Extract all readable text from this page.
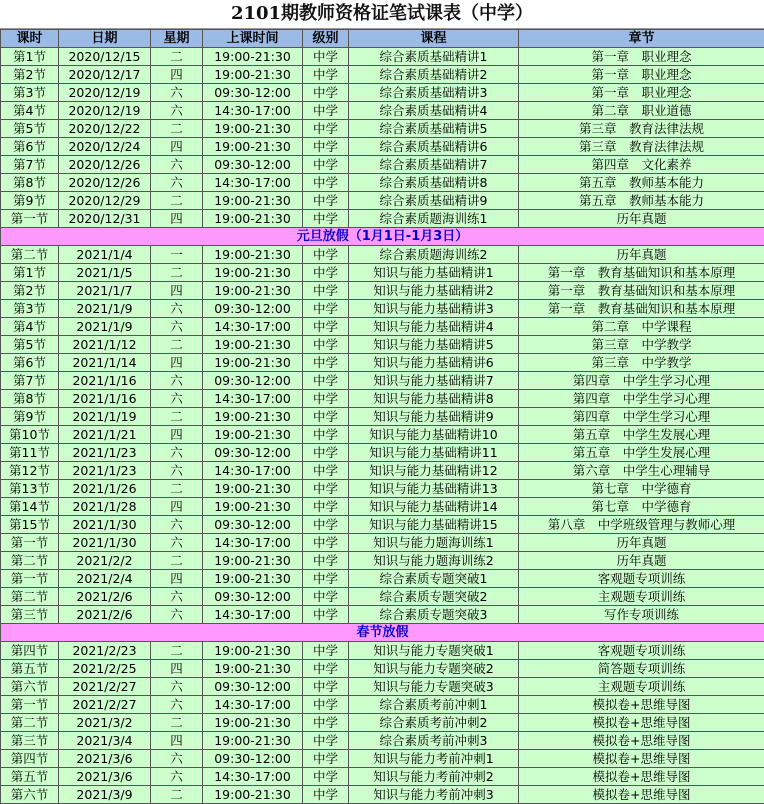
2101期教师资格证笔试课表（中学）
课时	日期	星期	上课时间	级别	课程	章节
第1节	2020/12/15	二	19:00-21:30	中学	综合素质基础精讲1	第一章　职业理念
第2节	2020/12/17	四	19:00-21:30	中学	综合素质基础精讲2	第一章　职业理念
第3节	2020/12/19	六	09:30-12:00	中学	综合素质基础精讲3	第一章　职业理念
第4节	2020/12/19	六	14:30-17:00	中学	综合素质基础精讲4	第二章　职业道德
第5节	2020/12/22	二	19:00-21:30	中学	综合素质基础精讲5	第三章　教育法律法规
第6节	2020/12/24	四	19:00-21:30	中学	综合素质基础精讲6	第三章　教育法律法规
第7节	2020/12/26	六	09:30-12:00	中学	综合素质基础精讲7	第四章　文化素养
第8节	2020/12/26	六	14:30-17:00	中学	综合素质基础精讲8	第五章　教师基本能力
第9节	2020/12/29	二	19:00-21:30	中学	综合素质基础精讲9	第五章　教师基本能力
第一节	2020/12/31	四	19:00-21:30	中学	综合素质题海训练1	历年真题
元旦放假（1月1日-1月3日）						
第二节	2021/1/4	一	19:00-21:30	中学	综合素质题海训练2	历年真题
第1节	2021/1/5	二	19:00-21:30	中学	知识与能力基础精讲1	第一章　教育基础知识和基本原理
第2节	2021/1/7	四	19:00-21:30	中学	知识与能力基础精讲2	第一章　教育基础知识和基本原理
第3节	2021/1/9	六	09:30-12:00	中学	知识与能力基础精讲3	第一章　教育基础知识和基本原理
第4节	2021/1/9	六	14:30-17:00	中学	知识与能力基础精讲4	第二章　中学课程
第5节	2021/1/12	二	19:00-21:30	中学	知识与能力基础精讲5	第三章　中学教学
第6节	2021/1/14	四	19:00-21:30	中学	知识与能力基础精讲6	第三章　中学教学
第7节	2021/1/16	六	09:30-12:00	中学	知识与能力基础精讲7	第四章　中学生学习心理
第8节	2021/1/16	六	14:30-17:00	中学	知识与能力基础精讲8	第四章　中学生学习心理
第9节	2021/1/19	二	19:00-21:30	中学	知识与能力基础精讲9	第四章　中学生学习心理
第10节	2021/1/21	四	19:00-21:30	中学	知识与能力基础精讲10	第五章　中学生发展心理
第11节	2021/1/23	六	09:30-12:00	中学	知识与能力基础精讲11	第五章　中学生发展心理
第12节	2021/1/23	六	14:30-17:00	中学	知识与能力基础精讲12	第六章　中学生心理辅导
第13节	2021/1/26	二	19:00-21:30	中学	知识与能力基础精讲13	第七章　中学德育
第14节	2021/1/28	四	19:00-21:30	中学	知识与能力基础精讲14	第七章　中学德育
第15节	2021/1/30	六	09:30-12:00	中学	知识与能力基础精讲15	第八章　中学班级管理与教师心理
第一节	2021/1/30	六	14:30-17:00	中学	知识与能力题海训练1	历年真题
第二节	2021/2/2	二	19:00-21:30	中学	知识与能力题海训练2	历年真题
第一节	2021/2/4	四	19:00-21:30	中学	综合素质专题突破1	客观题专项训练
第二节	2021/2/6	六	09:30-12:00	中学	综合素质专题突破2	主观题专项训练
第三节	2021/2/6	六	14:30-17:00	中学	综合素质专题突破3	写作专项训练
春节放假						
第四节	2021/2/23	二	19:00-21:30	中学	知识与能力专题突破1	客观题专项训练
第五节	2021/2/25	四	19:00-21:30	中学	知识与能力专题突破2	简答题专项训练
第六节	2021/2/27	六	09:30-12:00	中学	知识与能力专题突破3	主观题专项训练
第一节	2021/2/27	六	14:30-17:00	中学	综合素质考前冲刺1	模拟卷+思维导图
第二节	2021/3/2	二	19:00-21:30	中学	综合素质考前冲刺2	模拟卷+思维导图
第三节	2021/3/4	四	19:00-21:30	中学	综合素质考前冲刺3	模拟卷+思维导图
第四节	2021/3/6	六	09:30-12:00	中学	知识与能力考前冲刺1	模拟卷+思维导图
第五节	2021/3/6	六	14:30-17:00	中学	知识与能力考前冲刺2	模拟卷+思维导图
第六节	2021/3/9	二	19:00-21:30	中学	知识与能力考前冲刺3	模拟卷+思维导图
